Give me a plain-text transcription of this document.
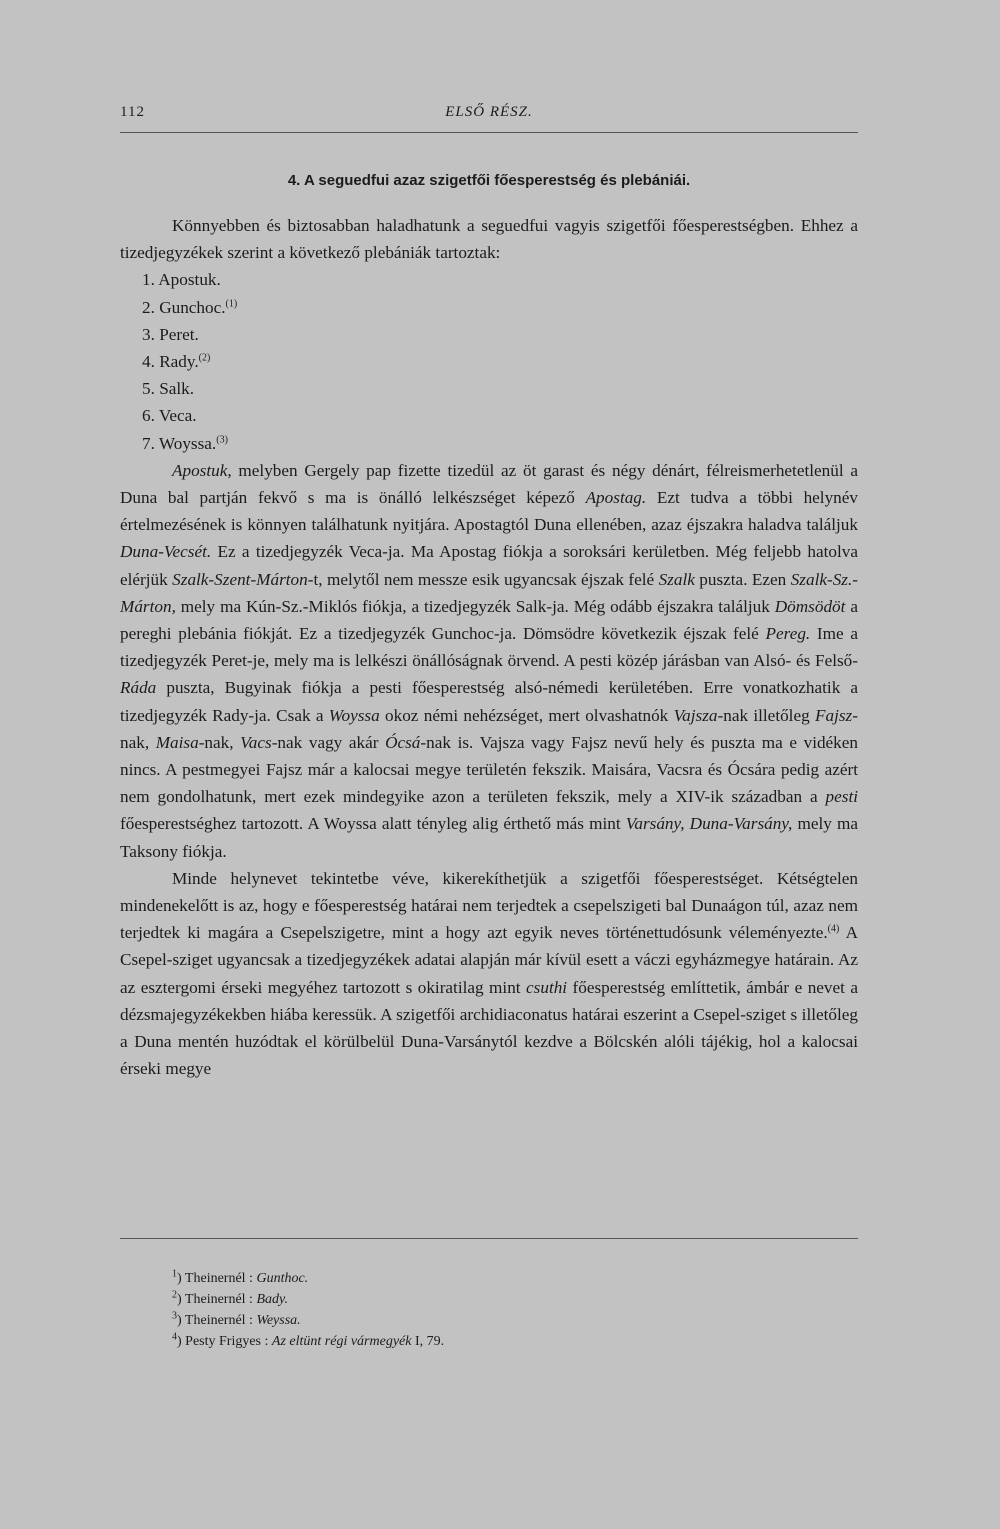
112	ELSŐ RÉSZ.
4. A seguedfui azaz szigetfői főesperestség és plebániái.

Könnyebben és biztosabban haladhatunk a seguedfui vagyis szigetfői főesperestségben. Ehhez a tizedjegyzékek szerint a következő plebániák tartoztak:

1. Apostuk.
2. Gunchoc.$^{(1)}$
3. Peret.
4. Rady.$^{(2)}$
5. Salk.
6. Veca.
7. Woyssa.$^{(3)}$

Apostuk, melyben Gergely pap fizette tizedül az öt garast és négy dénárt, félreismerhetetlenül a Duna bal partján fekvő s ma is önálló lelkészséget képező Apostag. Ezt tudva a többi helynév értelmezésének is könnyen találhatunk nyitjára. Apostagtól Duna ellenében, azaz éjszakra haladva találjuk Duna-Vecsét. Ez a tizedjegyzék Veca-ja. Ma Apostag fiókja a soroksári kerületben. Még feljebb hatolva elérjük Szalk-Szent-Márton-t, melytől nem messze esik ugyancsak éjszak felé Szalk puszta. Ezen Szalk-Sz.-Márton, mely ma Kún-Sz.-Miklós fiókja, a tizedjegyzék Salk-ja. Még odább éjszakra találjuk Dömsödöt a pereghi plebánia fiókját. Ez a tizedjegyzék Gunchoc-ja. Dömsödre következik éjszak felé Pereg. Ime a tizedjegyzék Peret-je, mely ma is lelkészi önállóságnak örvend. A pesti közép járásban van Alsó- és Felső-Ráda puszta, Bugyinak fiókja a pesti főesperestség alsó-némedi kerületében. Erre vonatkozhatik a tizedjegyzék Rady-ja. Csak a Woyssa okoz némi nehézséget, mert olvashatnók Vajsza-nak illetőleg Fajsz-nak, Maisa-nak, Vacs-nak vagy akár Ócsá-nak is. Vajsza vagy Fajsz nevű hely és puszta ma e vidéken nincs. A pestmegyei Fajsz már a kalocsai megye területén fekszik. Maisára, Vacsra és Ócsára pedig azért nem gondolhatunk, mert ezek mindegyike azon a területen fekszik, mely a XIV-ik században a pesti főesperestséghez tartozott. A Woyssa alatt tényleg alig érthető más mint Varsány, Duna-Varsány, mely ma Taksony fiókja.

Minde helynevet tekintetbe véve, kikerekíthetjük a szigetfői főesperestséget. Kétségtelen mindenekelőtt is az, hogy e főesperestség határai nem terjedtek a csepelszigeti bal Dunaágon túl, azaz nem terjedtek ki magára a Csepelszigetre, mint a hogy azt egyik neves történettudósunk véleményezte.$^{(4)}$ A Csepel-sziget ugyancsak a tizedjegyzékek adatai alapján már kívül esett a váczi egyházmegye határain. Az az esztergomi érseki megyéhez tartozott s okiratilag mint csuthi főesperestség említtetik, ámbár e nevet a dézsmajegyzékekben hiába keressük. A szigetfői archidiaconatus határai eszerint a Csepel-sziget s illetőleg a Duna mentén huzódtak el körülbelül Duna-Varsánytól kezdve a Bölcskén alóli tájékig, hol a kalocsai érseki megye

$^1$) Theinernél : Gunthoc.
$^2$) Theinernél : Bady.
$^3$) Theinernél : Weyssa.
$^4$) Pesty Frigyes : Az eltünt régi vármegyék I, 79.
